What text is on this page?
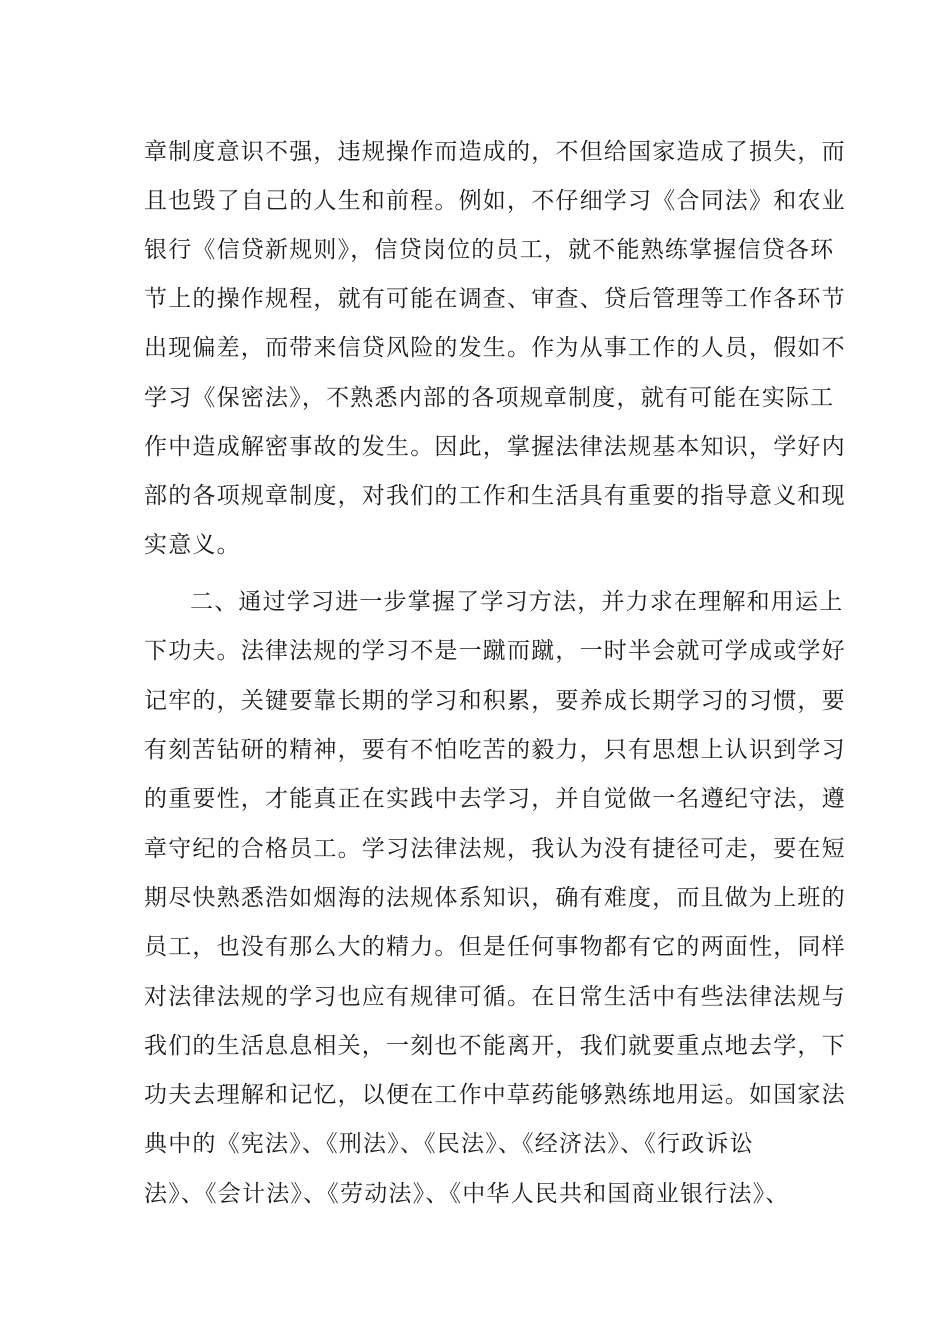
章制度意识不强，违规操作而造成的，不但给国家造成了损失，而
且也毁了自己的人生和前程。例如，不仔细学习《合同法》和农业
银行《信贷新规则》，信贷岗位的员工，就不能熟练掌握信贷各环
节上的操作规程，就有可能在调查、审查、贷后管理等工作各环节
出现偏差，而带来信贷风险的发生。作为从事工作的人员，假如不
学习《保密法》，不熟悉内部的各项规章制度，就有可能在实际工
作中造成解密事故的发生。因此，掌握法律法规基本知识，学好内
部的各项规章制度，对我们的工作和生活具有重要的指导意义和现
实意义。
二、通过学习进一步掌握了学习方法，并力求在理解和用运上
下功夫。法律法规的学习不是一蹴而蹴，一时半会就可学成或学好
记牢的，关键要靠长期的学习和积累，要养成长期学习的习惯，要
有刻苦钻研的精神，要有不怕吃苦的毅力，只有思想上认识到学习
的重要性，才能真正在实践中去学习，并自觉做一名遵纪守法，遵
章守纪的合格员工。学习法律法规，我认为没有捷径可走，要在短
期尽快熟悉浩如烟海的法规体系知识，确有难度，而且做为上班的
员工，也没有那么大的精力。但是任何事物都有它的两面性，同样
对法律法规的学习也应有规律可循。在日常生活中有些法律法规与
我们的生活息息相关，一刻也不能离开，我们就要重点地去学，下
功夫去理解和记忆，以便在工作中草药能够熟练地用运。如国家法
典中的《宪法》、《刑法》、《民法》、《经济法》、《行政诉讼
法》、《会计法》、《劳动法》、《中华人民共和国商业银行法》、
